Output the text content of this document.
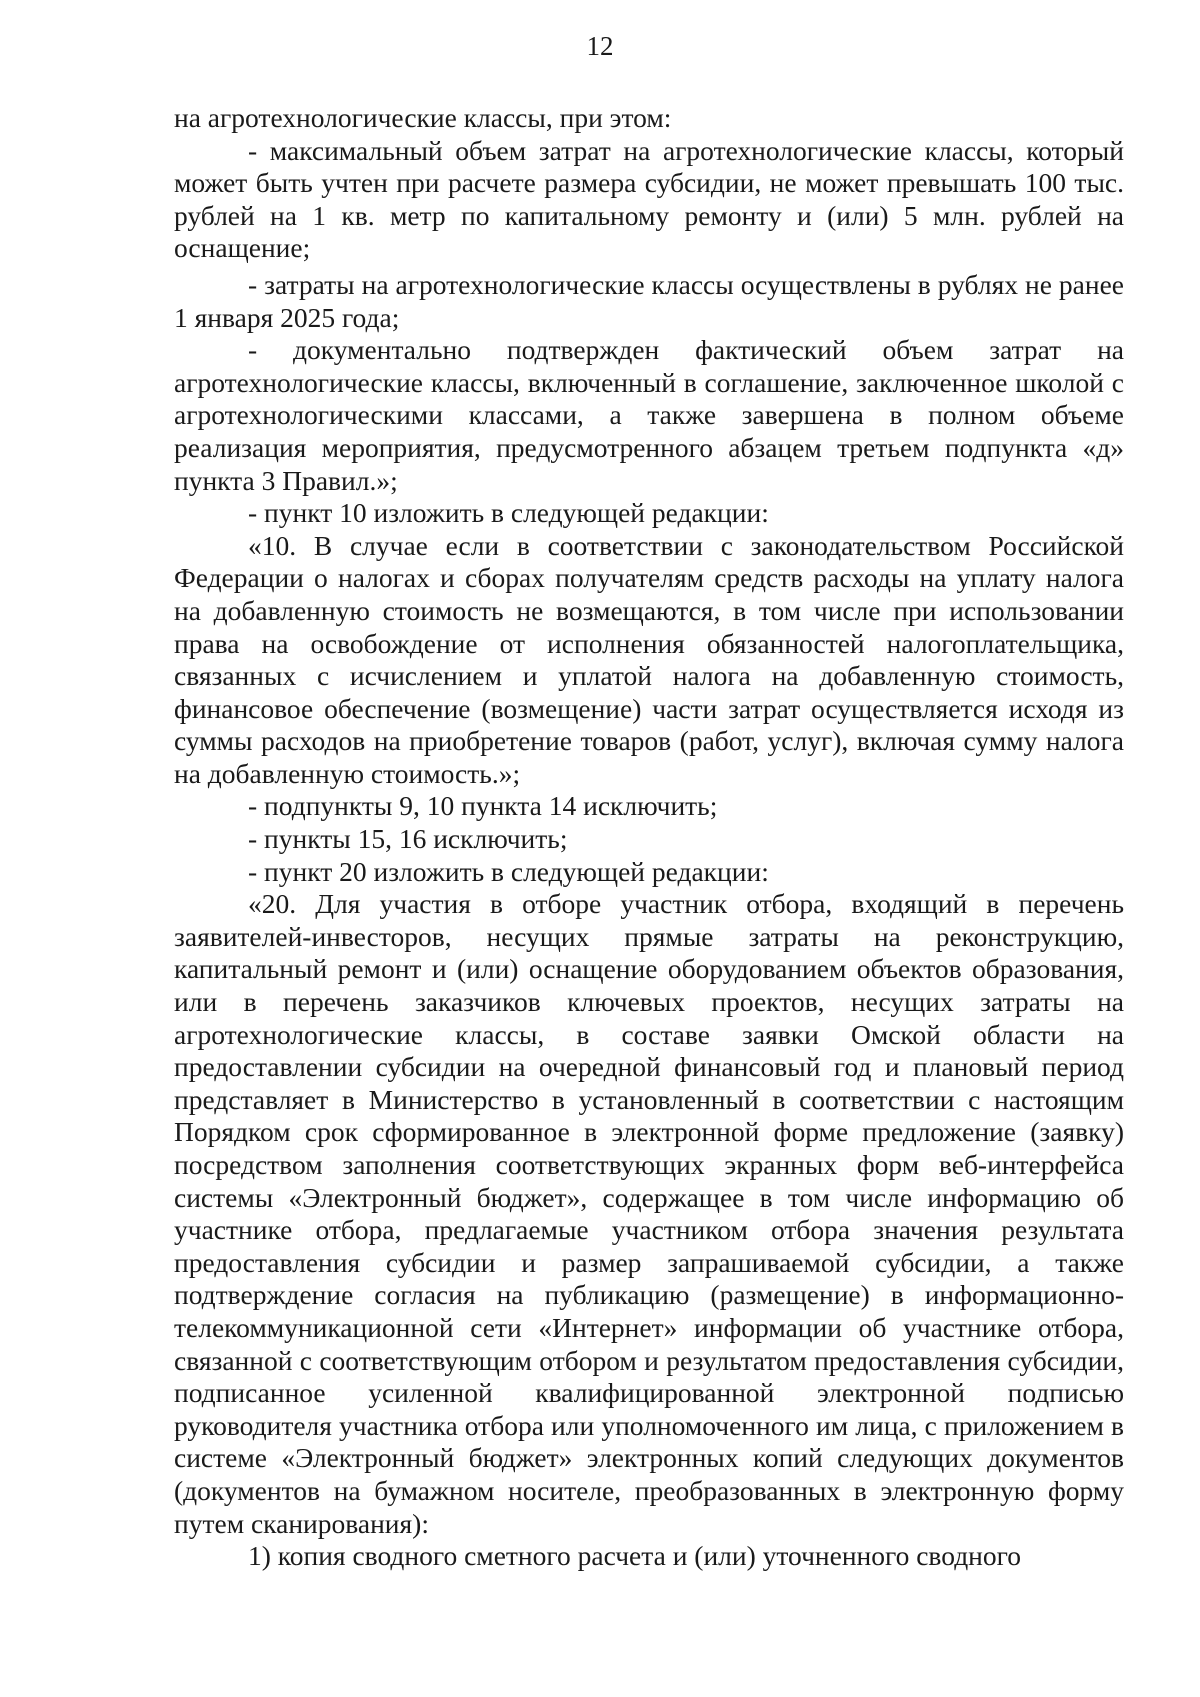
12

на агротехнологические классы, при этом:

- максимальный объем затрат на агротехнологические классы, который может быть учтен при расчете размера субсидии, не может превышать 100 тыс. рублей на 1 кв. метр по капитальному ремонту и (или) 5 млн. рублей на оснащение;

- затраты на агротехнологические классы осуществлены в рублях не ранее 1 января 2025 года;

- документально подтвержден фактический объем затрат на агротехнологические классы, включенный в соглашение, заключенное школой с агротехнологическими классами, а также завершена в полном объеме реализация мероприятия, предусмотренного абзацем третьем подпункта «д» пункта 3 Правил.»;

- пункт 10 изложить в следующей редакции:

«10. В случае если в соответствии с законодательством Российской Федерации о налогах и сборах получателям средств расходы на уплату налога на добавленную стоимость не возмещаются, в том числе при использовании права на освобождение от исполнения обязанностей налогоплательщика, связанных с исчислением и уплатой налога на добавленную стоимость, финансовое обеспечение (возмещение) части затрат осуществляется исходя из суммы расходов на приобретение товаров (работ, услуг), включая сумму налога на добавленную стоимость.»;

- подпункты 9, 10 пункта 14 исключить;

- пункты 15, 16 исключить;

- пункт 20 изложить в следующей редакции:

«20. Для участия в отборе участник отбора, входящий в перечень заявителей-инвесторов, несущих прямые затраты на реконструкцию, капитальный ремонт и (или) оснащение оборудованием объектов образования, или в перечень заказчиков ключевых проектов, несущих затраты на агротехнологические классы, в составе заявки Омской области на предоставлении субсидии на очередной финансовый год и плановый период представляет в Министерство в установленный в соответствии с настоящим Порядком срок сформированное в электронной форме предложение (заявку) посредством заполнения соответствующих экранных форм веб-интерфейса системы «Электронный бюджет», содержащее в том числе информацию об участнике отбора, предлагаемые участником отбора значения результата предоставления субсидии и размер запрашиваемой субсидии, а также подтверждение согласия на публикацию (размещение) в информационно-телекоммуникационной сети «Интернет» информации об участнике отбора, связанной с соответствующим отбором и результатом предоставления субсидии, подписанное усиленной квалифицированной электронной подписью руководителя участника отбора или уполномоченного им лица, с приложением в системе «Электронный бюджет» электронных копий следующих документов (документов на бумажном носителе, преобразованных в электронную форму путем сканирования):

1) копия сводного сметного расчета и (или) уточненного сводного
